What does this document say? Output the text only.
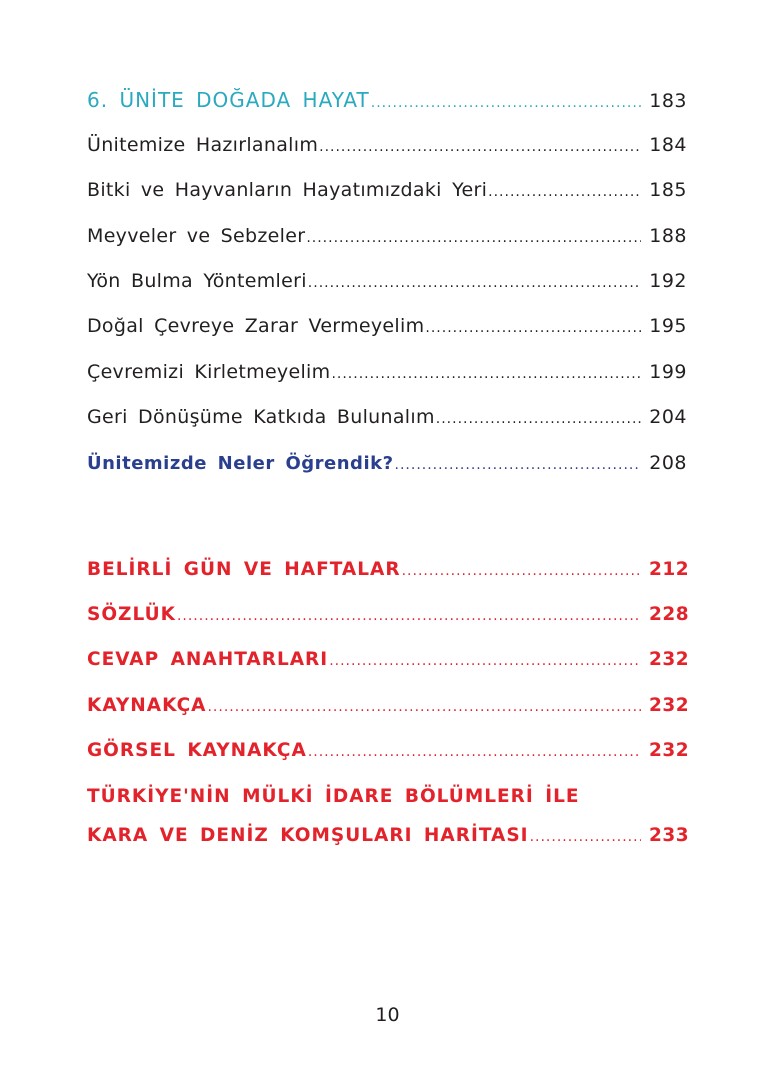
6. ÜNİTE DOĞADA HAYAT .....	183
Ünitemize Hazırlanalım .....	184
Bitki ve Hayvanların Hayatımızdaki Yeri .....	185
Meyveler ve Sebzeler .....	188
Yön Bulma Yöntemleri .....	192
Doğal Çevreye Zarar Vermeyelim .....	195
Çevremizi Kirletmeyelim .....	199
Geri Dönüşüme Katkıda Bulunalım .....	204
Ünitemizde Neler Öğrendik? .....	208
BELİRLİ GÜN VE HAFTALAR .....	212
SÖZLÜK .....	228
CEVAP ANAHTARLARI .....	232
KAYNAKÇA .....	232
GÖRSEL KAYNAKÇA .....	232
TÜRKİYE'NİN MÜLKİ İDARE BÖLÜMLERİ İLE
KARA VE DENİZ KOMŞULARI HARİTASI .....	233
10
